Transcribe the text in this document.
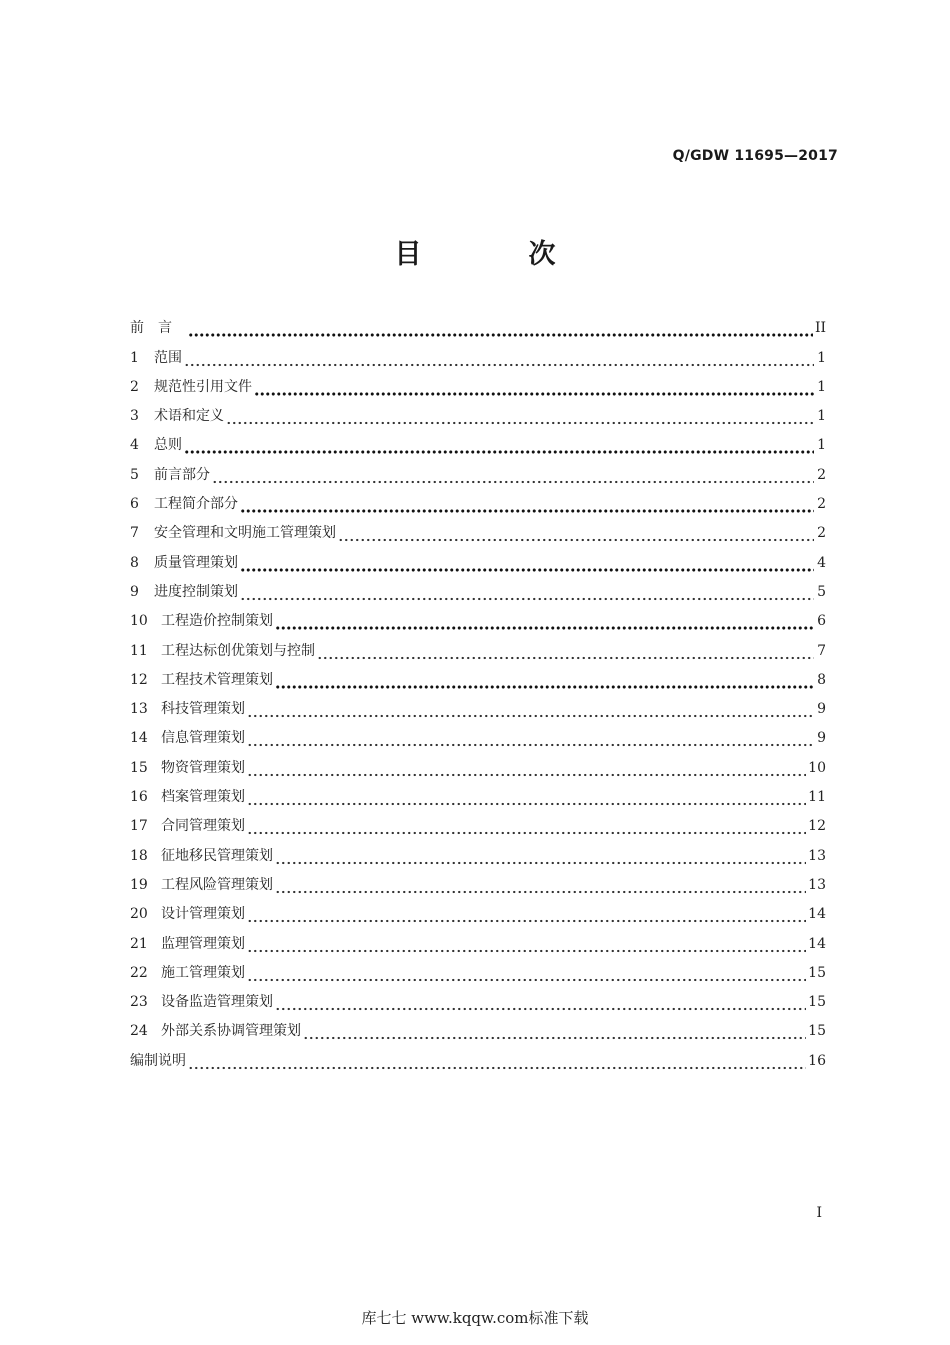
Q/GDW 11695—2017
目　次
前言	II
1	范围	1
2	规范性引用文件	1
3	术语和定义	1
4	总则	1
5	前言部分	2
6	工程简介部分	2
7	安全管理和文明施工管理策划	2
8	质量管理策划	4
9	进度控制策划	5
10 工程造价控制策划	6
11 工程达标创优策划与控制	7
12 工程技术管理策划	8
13 科技管理策划	9
14 信息管理策划	9
15 物资管理策划	10
16 档案管理策划	11
17 合同管理策划	12
18 征地移民管理策划	13
19 工程风险管理策划	13
20 设计管理策划	14
21 监理管理策划	14
22 施工管理策划	15
23 设备监造管理策划	15
24 外部关系协调管理策划	15
编制说明	16
I
库七七 www.kqqw.com标准下载
